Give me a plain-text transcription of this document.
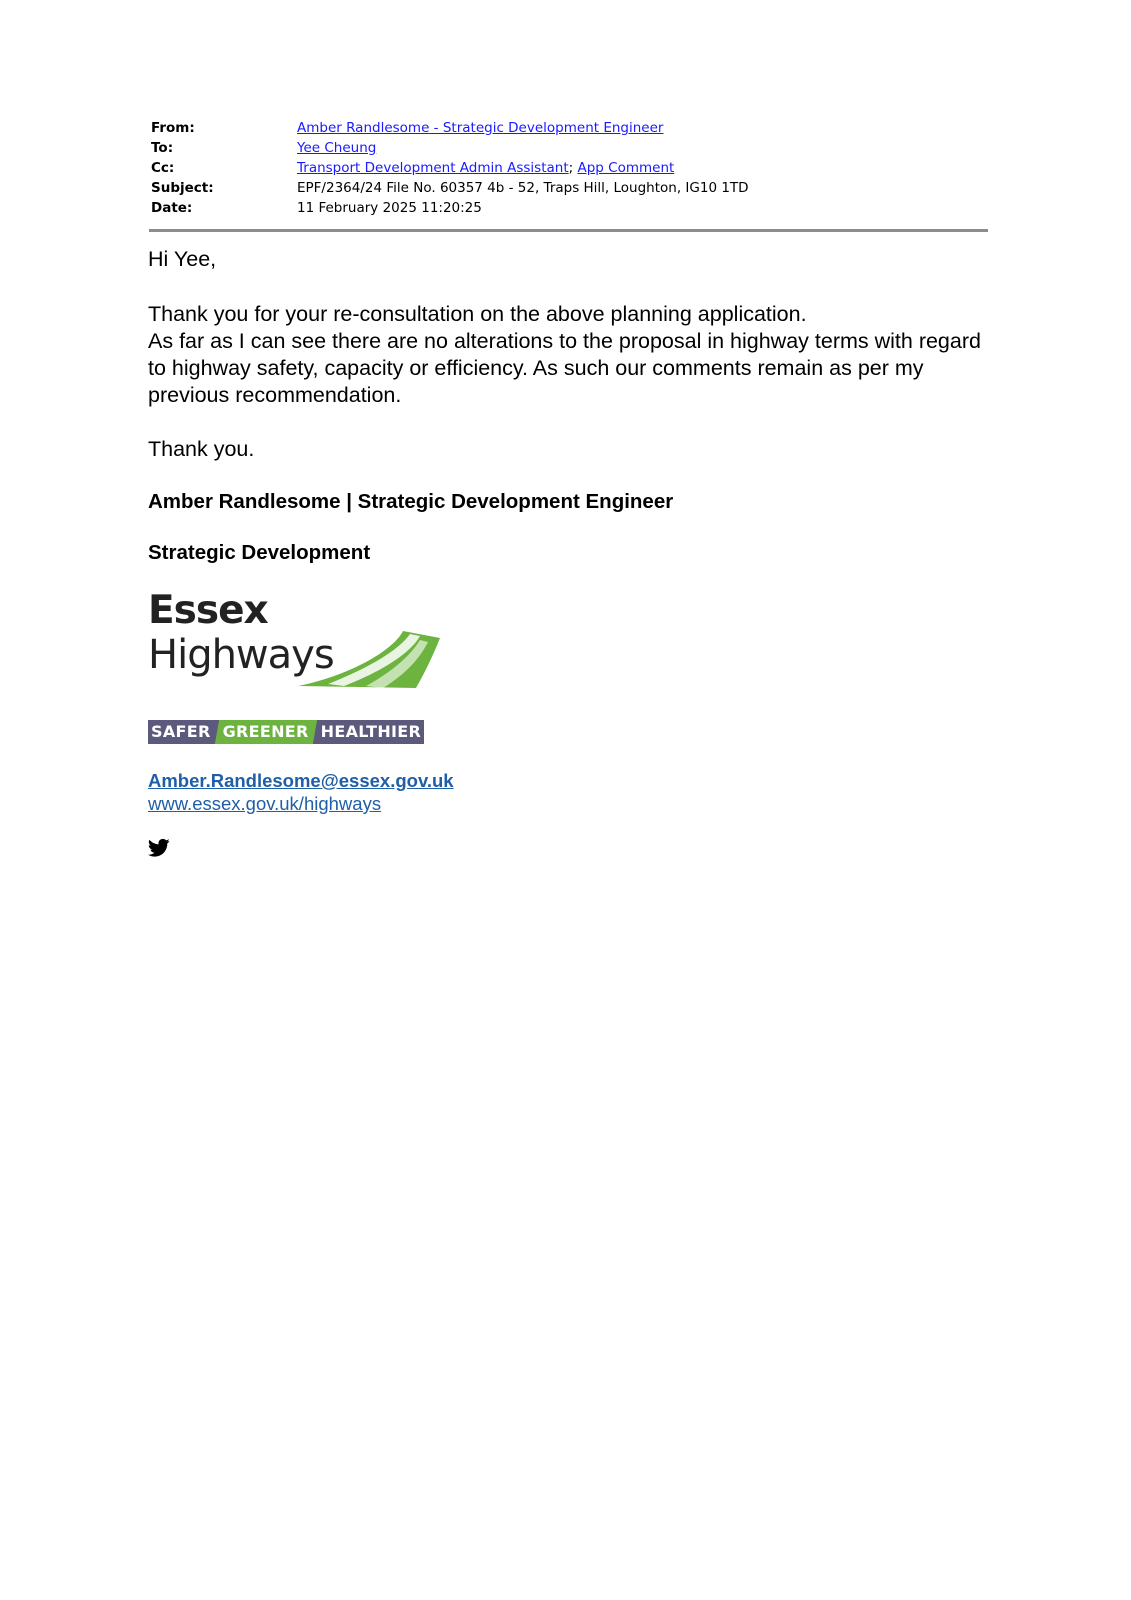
From:	Amber Randlesome - Strategic Development Engineer
To:	Yee Cheung
Cc:	Transport Development Admin Assistant; App Comment
Subject:	EPF/2364/24 File No. 60357 4b - 52, Traps Hill, Loughton, IG10 1TD
Date:	11 February 2025 11:20:25
Hi Yee,
Thank you for your re-consultation on the above planning application.
As far as I can see there are no alterations to the proposal in highway terms with regard to highway safety, capacity or efficiency. As such our comments remain as per my previous recommendation.
Thank you.
Amber Randlesome | Strategic Development Engineer
Strategic Development
Essex
Highways
SAFER GREENER HEALTHIER
Amber.Randlesome@essex.gov.uk
www.essex.gov.uk/highways
